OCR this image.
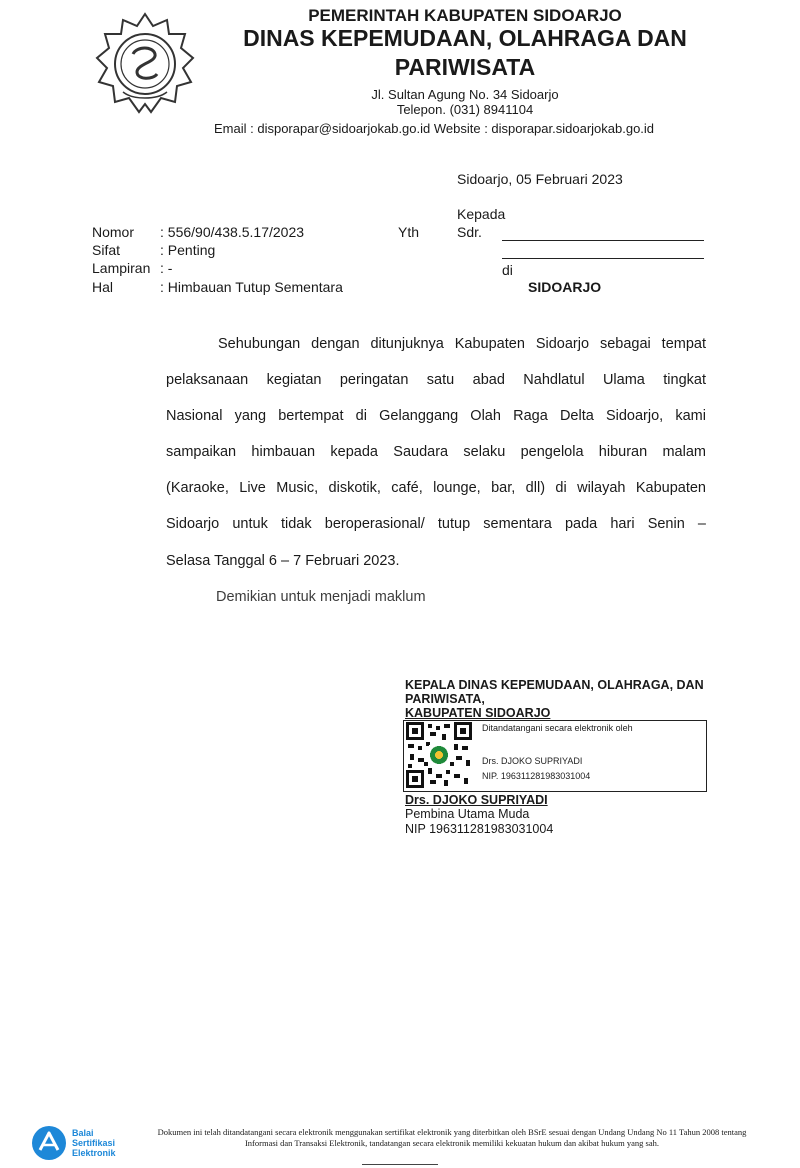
PEMERINTAH KABUPATEN SIDOARJO
DINAS KEPEMUDAAN, OLAHRAGA DAN
PARIWISATA
Jl. Sultan Agung No. 34 Sidoarjo
Telepon. (031) 8941104
Email : disporapar@sidoarjokab.go.id Website : disporapar.sidoarjokab.go.id
Sidoarjo, 05 Februari 2023
Kepada
Yth	Sdr.
di
SIDOARJO
Nomor : 556/90/438.5.17/2023
Sifat	: Penting
Lampiran : -
Hal	: Himbauan Tutup Sementara
Sehubungan dengan ditunjuknya Kabupaten Sidoarjo sebagai tempat
pelaksanaan kegiatan peringatan satu abad Nahdlatul Ulama tingkat
Nasional yang bertempat di Gelanggang Olah Raga Delta Sidoarjo, kami
sampaikan himbauan kepada Saudara selaku pengelola hiburan malam
(Karaoke, Live Music, diskotik, café, lounge, bar, dll) di wilayah Kabupaten
Sidoarjo untuk tidak beroperasional/ tutup sementara pada hari Senin –
Selasa Tanggal 6 – 7 Februari 2023.
Demikian untuk menjadi maklum
KEPALA DINAS KEPEMUDAAN, OLAHRAGA, DAN
PARIWISATA,
KABUPATEN SIDOARJO
Ditandatangani secara elektronik oleh
Drs. DJOKO SUPRIYADI
NIP. 196311281983031004
Drs. DJOKO SUPRIYADI
Pembina Utama Muda
NIP 196311281983031004
Balai
Sertifikasi
Elektronik
Dokumen ini telah ditandatangani secara elektronik menggunakan sertifikat elektronik yang diterbitkan oleh BSrE sesuai dengan Undang Undang No 11 Tahun 2008 tentang Informasi dan Transaksi Elektronik, tandatangan secara elektronik memiliki kekuatan hukum dan akibat hukum yang sah.
